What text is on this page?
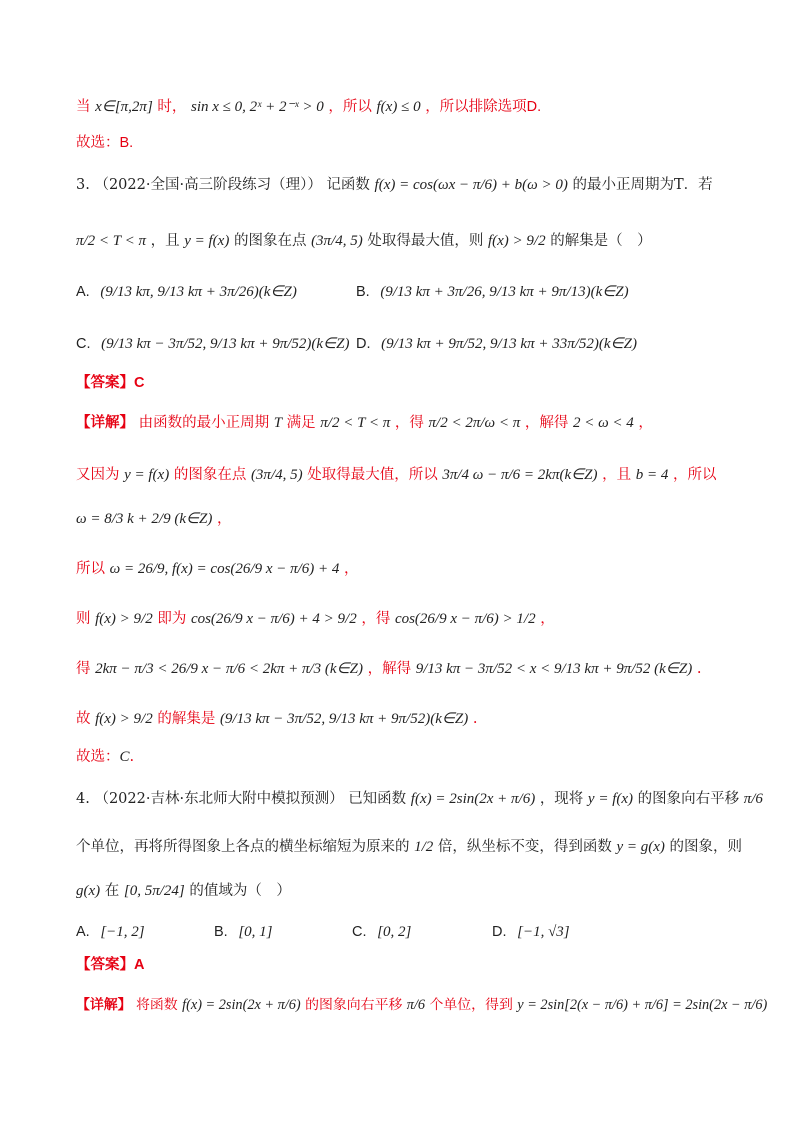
当 x∈[π,2π] 时， sin x ≤ 0, 2ˣ + 2⁻ˣ > 0 ，所以 f(x) ≤ 0 ，所以排除选项D.
故选：B.
3. （2022·全国·高三阶段练习（理）） 记函数 f(x) = cos(ωx − π/6) + b(ω > 0) 的最小正周期为T．若
π/2 < T < π ，且 y = f(x) 的图象在点 (3π/4, 5) 处取得最大值，则 f(x) > 9/2 的解集是（　）
A. (9/13 kπ, 9/13 kπ + 3π/26)(k∈Z)	B. (9/13 kπ + 3π/26, 9/13 kπ + 9π/13)(k∈Z)
C. (9/13 kπ − 3π/52, 9/13 kπ + 9π/52)(k∈Z) D. (9/13 kπ + 9π/52, 9/13 kπ + 33π/52)(k∈Z)
【答案】C
【详解】 由函数的最小正周期 T 满足 π/2 < T < π ，得 π/2 < 2π/ω < π ，解得 2 < ω < 4 ，
又因为 y = f(x) 的图象在点 (3π/4, 5) 处取得最大值，所以 3π/4 ω − π/6 = 2kπ(k∈Z) ，且 b = 4 ，所以
ω = 8/3 k + 2/9 (k∈Z) ，
所以 ω = 26/9, f(x) = cos(26/9 x − π/6) + 4 ，
则 f(x) > 9/2 即为 cos(26/9 x − π/6) + 4 > 9/2 ，得 cos(26/9 x − π/6) > 1/2 ，
得 2kπ − π/3 < 26/9 x − π/6 < 2kπ + π/3 (k∈Z) ，解得 9/13 kπ − 3π/52 < x < 9/13 kπ + 9π/52 (k∈Z) .
故 f(x) > 9/2 的解集是 (9/13 kπ − 3π/52, 9/13 kπ + 9π/52)(k∈Z) .
故选：C.
4. （2022·吉林·东北师大附中模拟预测） 已知函数 f(x) = 2sin(2x + π/6) ，现将 y = f(x) 的图象向右平移 π/6
个单位，再将所得图象上各点的横坐标缩短为原来的 1/2 倍，纵坐标不变，得到函数 y = g(x) 的图象，则
g(x) 在 [0, 5π/24] 的值域为（　）
A. [−1, 2]	B. [0, 1]	C. [0, 2]	D. [−1, √3]
【答案】A
【详解】 将函数 f(x) = 2sin(2x + π/6) 的图象向右平移 π/6 个单位，得到 y = 2sin[2(x − π/6) + π/6] = 2sin(2x − π/6)
